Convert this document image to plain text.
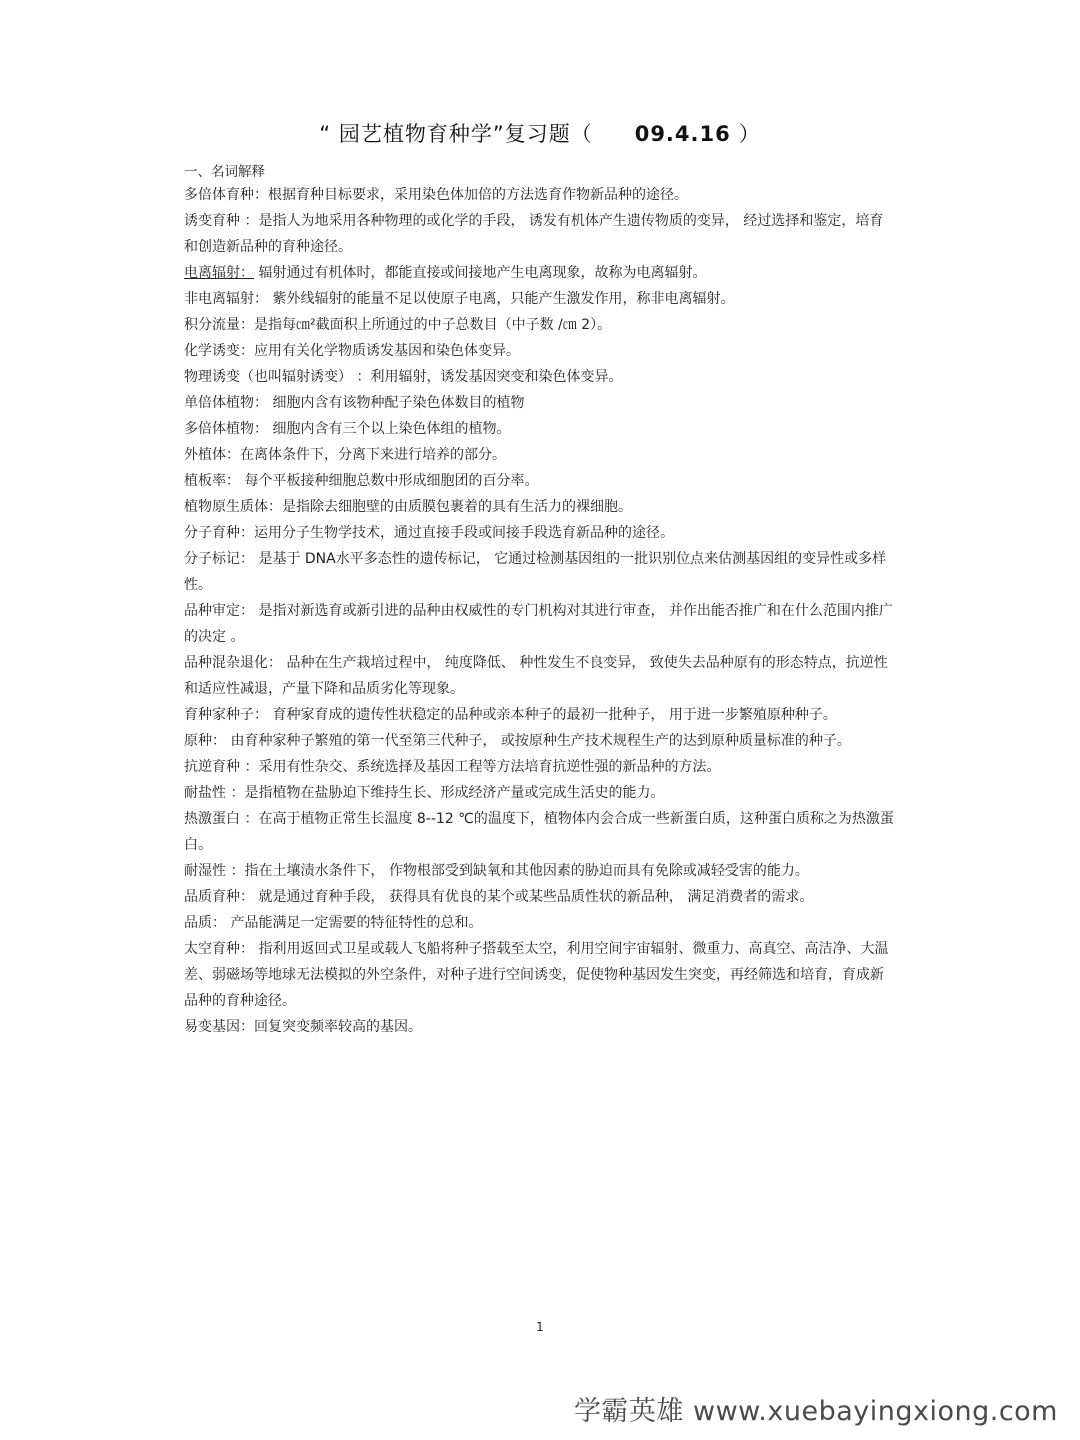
“ 园艺植物育种学”复习题（ 09.4.16 ）
一、名词解释
多倍体育种：根据育种目标要求，采用染色体加倍的方法选育作物新品种的途径。
诱变育种 ：是指人为地采用各种物理的或化学的手段， 诱发有机体产生遗传物质的变异， 经过选择和鉴定，培育和创造新品种的育种途径。
电离辐射： 辐射通过有机体时，都能直接或间接地产生电离现象，故称为电离辐射。
非电离辐射： 紫外线辐射的能量不足以使原子电离，只能产生激发作用，称非电离辐射。
积分流量：是指每㎝²截面积上所通过的中子总数目（中子数 /㎝ 2）。
化学诱变：应用有关化学物质诱发基因和染色体变异。
物理诱变（也叫辐射诱变） ：利用辐射，诱发基因突变和染色体变异。
单倍体植物： 细胞内含有该物种配子染色体数目的植物
多倍体植物： 细胞内含有三个以上染色体组的植物。
外植体：在离体条件下，分离下来进行培养的部分。
植板率： 每个平板接种细胞总数中形成细胞团的百分率。
植物原生质体：是指除去细胞壁的由质膜包裹着的具有生活力的裸细胞。
分子育种：运用分子生物学技术，通过直接手段或间接手段选育新品种的途径。
分子标记： 是基于 DNA水平多态性的遗传标记， 它通过检测基因组的一批识别位点来估测基因组的变异性或多样性。
品种审定： 是指对新选育或新引进的品种由权威性的专门机构对其进行审查， 并作出能否推广和在什么范围内推广的决定 。
品种混杂退化： 品种在生产栽培过程中， 纯度降低、 种性发生不良变异， 致使失去品种原有的形态特点，抗逆性和适应性减退，产量下降和品质劣化等现象。
育种家种子： 育种家育成的遗传性状稳定的品种或亲本种子的最初一批种子， 用于进一步繁殖原种种子。
原种： 由育种家种子繁殖的第一代至第三代种子， 或按原种生产技术规程生产的达到原种质量标准的种子。
抗逆育种 ：采用有性杂交、系统选择及基因工程等方法培育抗逆性强的新品种的方法。
耐盐性 ：是指植物在盐胁迫下维持生长、形成经济产量或完成生活史的能力。
热激蛋白 ：在高于植物正常生长温度 8--12 ℃的温度下，植物体内会合成一些新蛋白质，这种蛋白质称之为热激蛋白。
耐湿性 ：指在土壤渍水条件下， 作物根部受到缺氧和其他因素的胁迫而具有免除或减轻受害的能力。
品质育种： 就是通过育种手段， 获得具有优良的某个或某些品质性状的新品种， 满足消费者的需求。
品质： 产品能满足一定需要的特征特性的总和。
太空育种： 指利用返回式卫星或载人飞船将种子搭载至太空，利用空间宇宙辐射、微重力、高真空、高洁净、大温差、弱磁场等地球无法模拟的外空条件，对种子进行空间诱变，促使物种基因发生突变，再经筛选和培育，育成新品种的育种途径。
易变基因：回复突变频率较高的基因。
1
学霸英雄 www.xuebayingxiong.com
